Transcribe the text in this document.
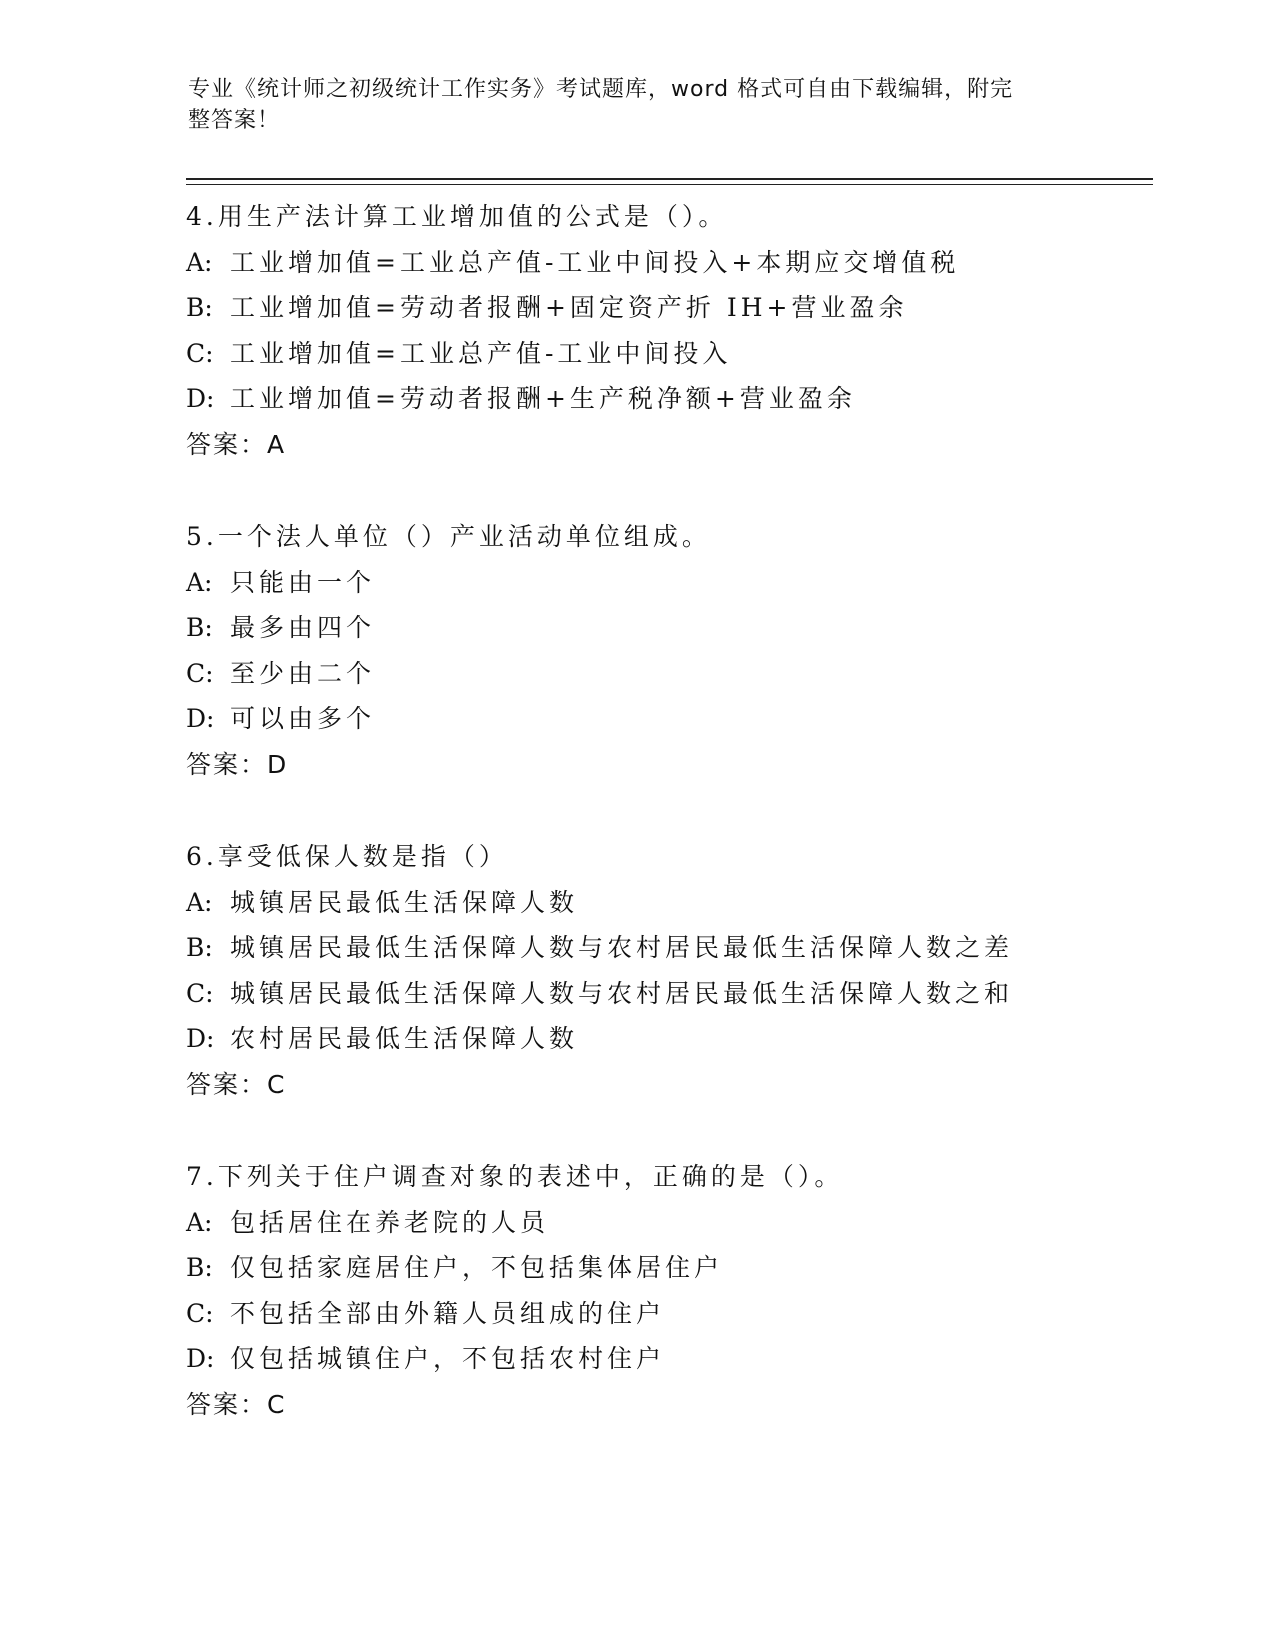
专业《统计师之初级统计工作实务》考试题库，word 格式可自由下载编辑，附完
整答案！
4.用生产法计算工业增加值的公式是（）。
A: 工业增加值=工业总产值-工业中间投入+本期应交增值税
B: 工业增加值=劳动者报酬+固定资产折 IH+营业盈余
C: 工业增加值=工业总产值-工业中间投入
D: 工业增加值=劳动者报酬+生产税净额+营业盈余
答案：A
5.一个法人单位（）产业活动单位组成。
A: 只能由一个
B: 最多由四个
C: 至少由二个
D: 可以由多个
答案：D
6.享受低保人数是指（）
A: 城镇居民最低生活保障人数
B: 城镇居民最低生活保障人数与农村居民最低生活保障人数之差
C: 城镇居民最低生活保障人数与农村居民最低生活保障人数之和
D: 农村居民最低生活保障人数
答案：C
7.下列关于住户调查对象的表述中，正确的是（）。
A: 包括居住在养老院的人员
B: 仅包括家庭居住户，不包括集体居住户
C: 不包括全部由外籍人员组成的住户
D: 仅包括城镇住户，不包括农村住户
答案：C
